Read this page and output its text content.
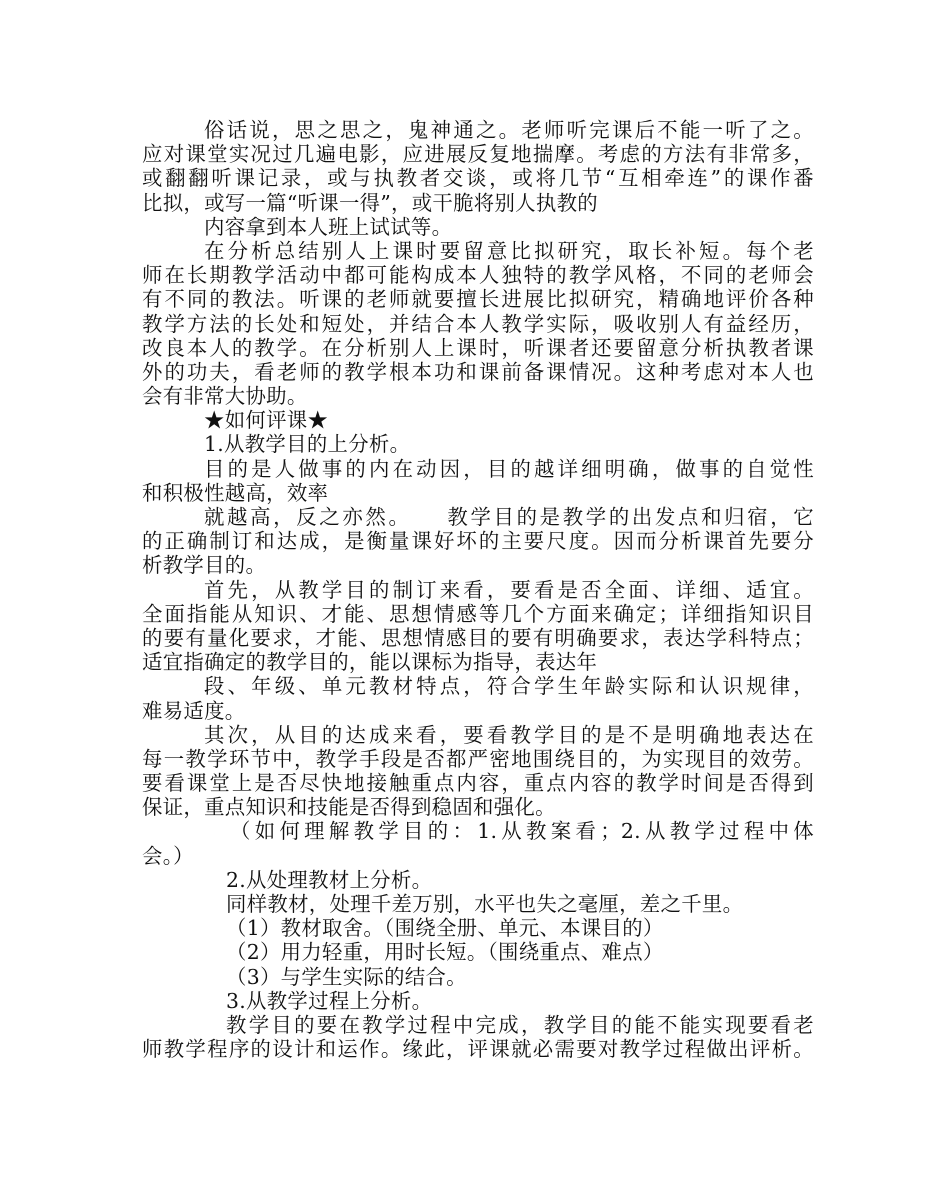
俗话说，思之思之，鬼神通之。老师听完课后不能一听了之。
应对课堂实况过几遍电影，应进展反复地揣摩。考虑的方法有非常多，
或翻翻听课记录，或与执教者交谈，或将几节“互相牵连”的课作番
比拟，或写一篇“听课一得”，或干脆将别人执教的
内容拿到本人班上试试等。
在分析总结别人上课时要留意比拟研究，取长补短。每个老
师在长期教学活动中都可能构成本人独特的教学风格，不同的老师会
有不同的教法。听课的老师就要擅长进展比拟研究，精确地评价各种
教学方法的长处和短处，并结合本人教学实际，吸收别人有益经历，
改良本人的教学。在分析别人上课时，听课者还要留意分析执教者课
外的功夫，看老师的教学根本功和课前备课情况。这种考虑对本人也
会有非常大协助。
★如何评课★
1.从教学目的上分析。
目的是人做事的内在动因，目的越详细明确，做事的自觉性
和积极性越高，效率
就越高，反之亦然。　　教学目的是教学的出发点和归宿，它
的正确制订和达成，是衡量课好坏的主要尺度。因而分析课首先要分
析教学目的。
首先，从教学目的制订来看，要看是否全面、详细、适宜。
全面指能从知识、才能、思想情感等几个方面来确定；详细指知识目
的要有量化要求，才能、思想情感目的要有明确要求，表达学科特点；
适宜指确定的教学目的，能以课标为指导，表达年
段、年级、单元教材特点，符合学生年龄实际和认识规律，
难易适度。
其次，从目的达成来看，要看教学目的是不是明确地表达在
每一教学环节中，教学手段是否都严密地围绕目的，为实现目的效劳。
要看课堂上是否尽快地接触重点内容，重点内容的教学时间是否得到
保证，重点知识和技能是否得到稳固和强化。
（如何理解教学目的：1.从教案看；2.从教学过程中体
会。）
2.从处理教材上分析。
同样教材，处理千差万别，水平也失之毫厘，差之千里。
（1）教材取舍。（围绕全册、单元、本课目的）
（2）用力轻重，用时长短。（围绕重点、难点）
（3）与学生实际的结合。
3.从教学过程上分析。
教学目的要在教学过程中完成，教学目的能不能实现要看老
师教学程序的设计和运作。缘此，评课就必需要对教学过程做出评析。
